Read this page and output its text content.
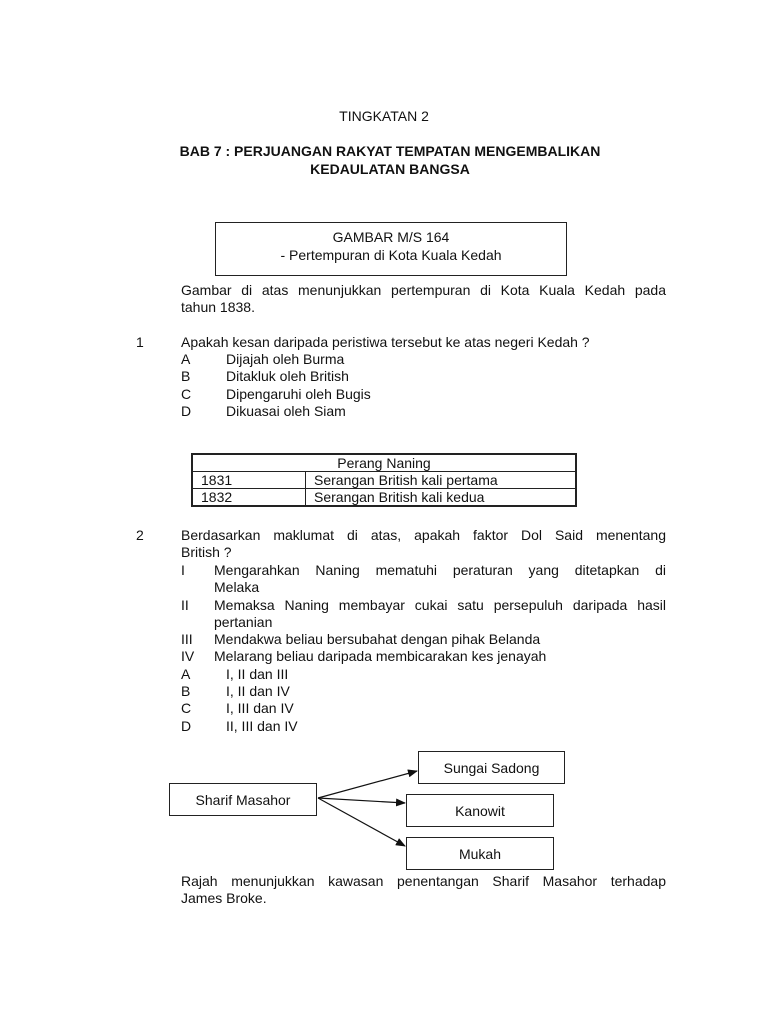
TINGKATAN 2
BAB 7 : PERJUANGAN RAKYAT TEMPATAN MENGEMBALIKAN
KEDAULATAN BANGSA
GAMBAR M/S 164
- Pertempuran di Kota Kuala Kedah
Gambar di atas menunjukkan pertempuran di Kota Kuala Kedah pada
tahun 1838.
1	Apakah kesan daripada peristiwa tersebut ke atas negeri Kedah ?
A	Dijajah oleh Burma
B	Ditakluk oleh British
C Dipengaruhi oleh Bugis
D Dikuasai oleh Siam
Perang Naning	
1831	Serangan British kali pertama
1832	Serangan British kali kedua
2	Berdasarkan maklumat di atas, apakah faktor Dol Said menentang
British ?
I Mengarahkan Naning mematuhi peraturan yang ditetapkan di
Melaka
II Memaksa Naning membayar cukai satu persepuluh daripada hasil
pertanian
III Mendakwa beliau bersubahat dengan pihak Belanda
IV Melarang beliau daripada membicarakan kes jenayah
A	I, II dan III
B	I, II dan IV
C I, III dan IV
D II, III dan IV
Sharif Masahor
Sungai Sadong
Kanowit
Mukah
Rajah menunjukkan kawasan penentangan Sharif Masahor terhadap
James Broke.
